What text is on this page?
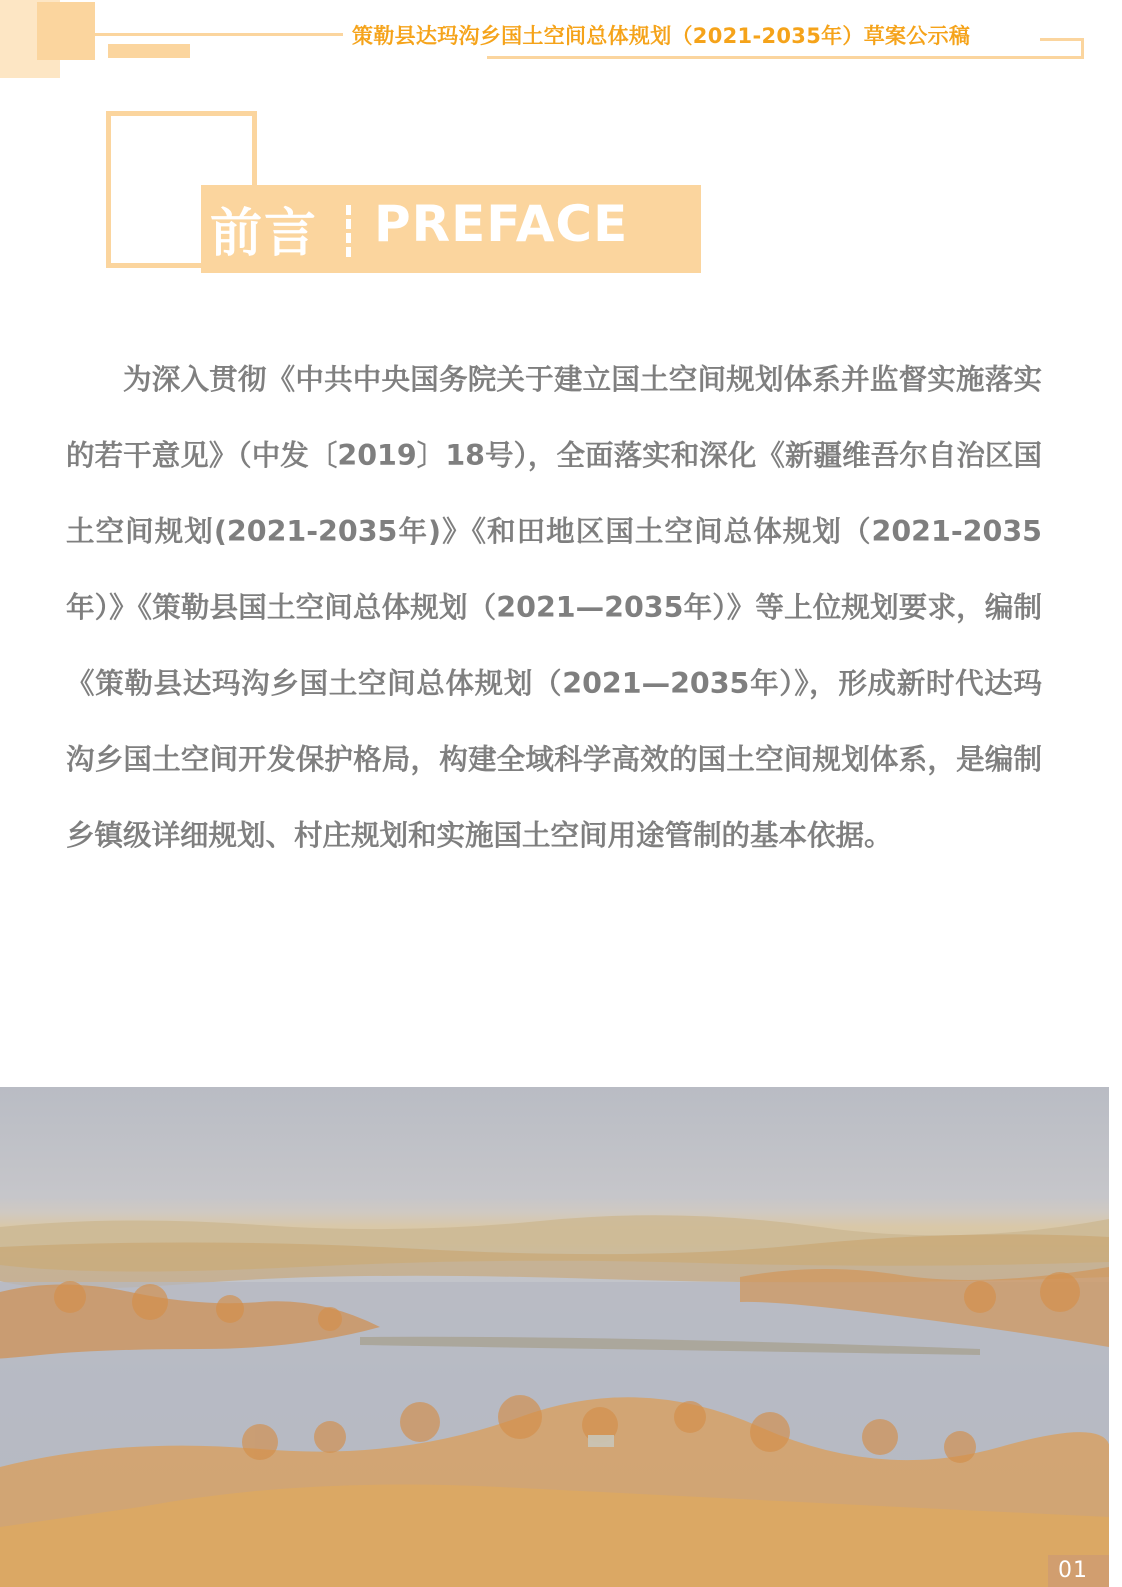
策勒县达玛沟乡国土空间总体规划（2021-2035年）草案公示稿
前言 PREFACE

为深入贯彻《中共中央国务院关于建立国土空间规划体系并监督实施落实的若干意见》（中发〔2019〕18号），全面落实和深化《新疆维吾尔自治区国土空间规划(2021-2035年)》《和田地区国土空间总体规划（2021-2035年）》《策勒县国土空间总体规划（2021—2035年）》等上位规划要求，编制《策勒县达玛沟乡国土空间总体规划（2021—2035年）》，形成新时代达玛沟乡国土空间开发保护格局，构建全域科学高效的国土空间规划体系，是编制乡镇级详细规划、村庄规划和实施国土空间用途管制的基本依据。

01
